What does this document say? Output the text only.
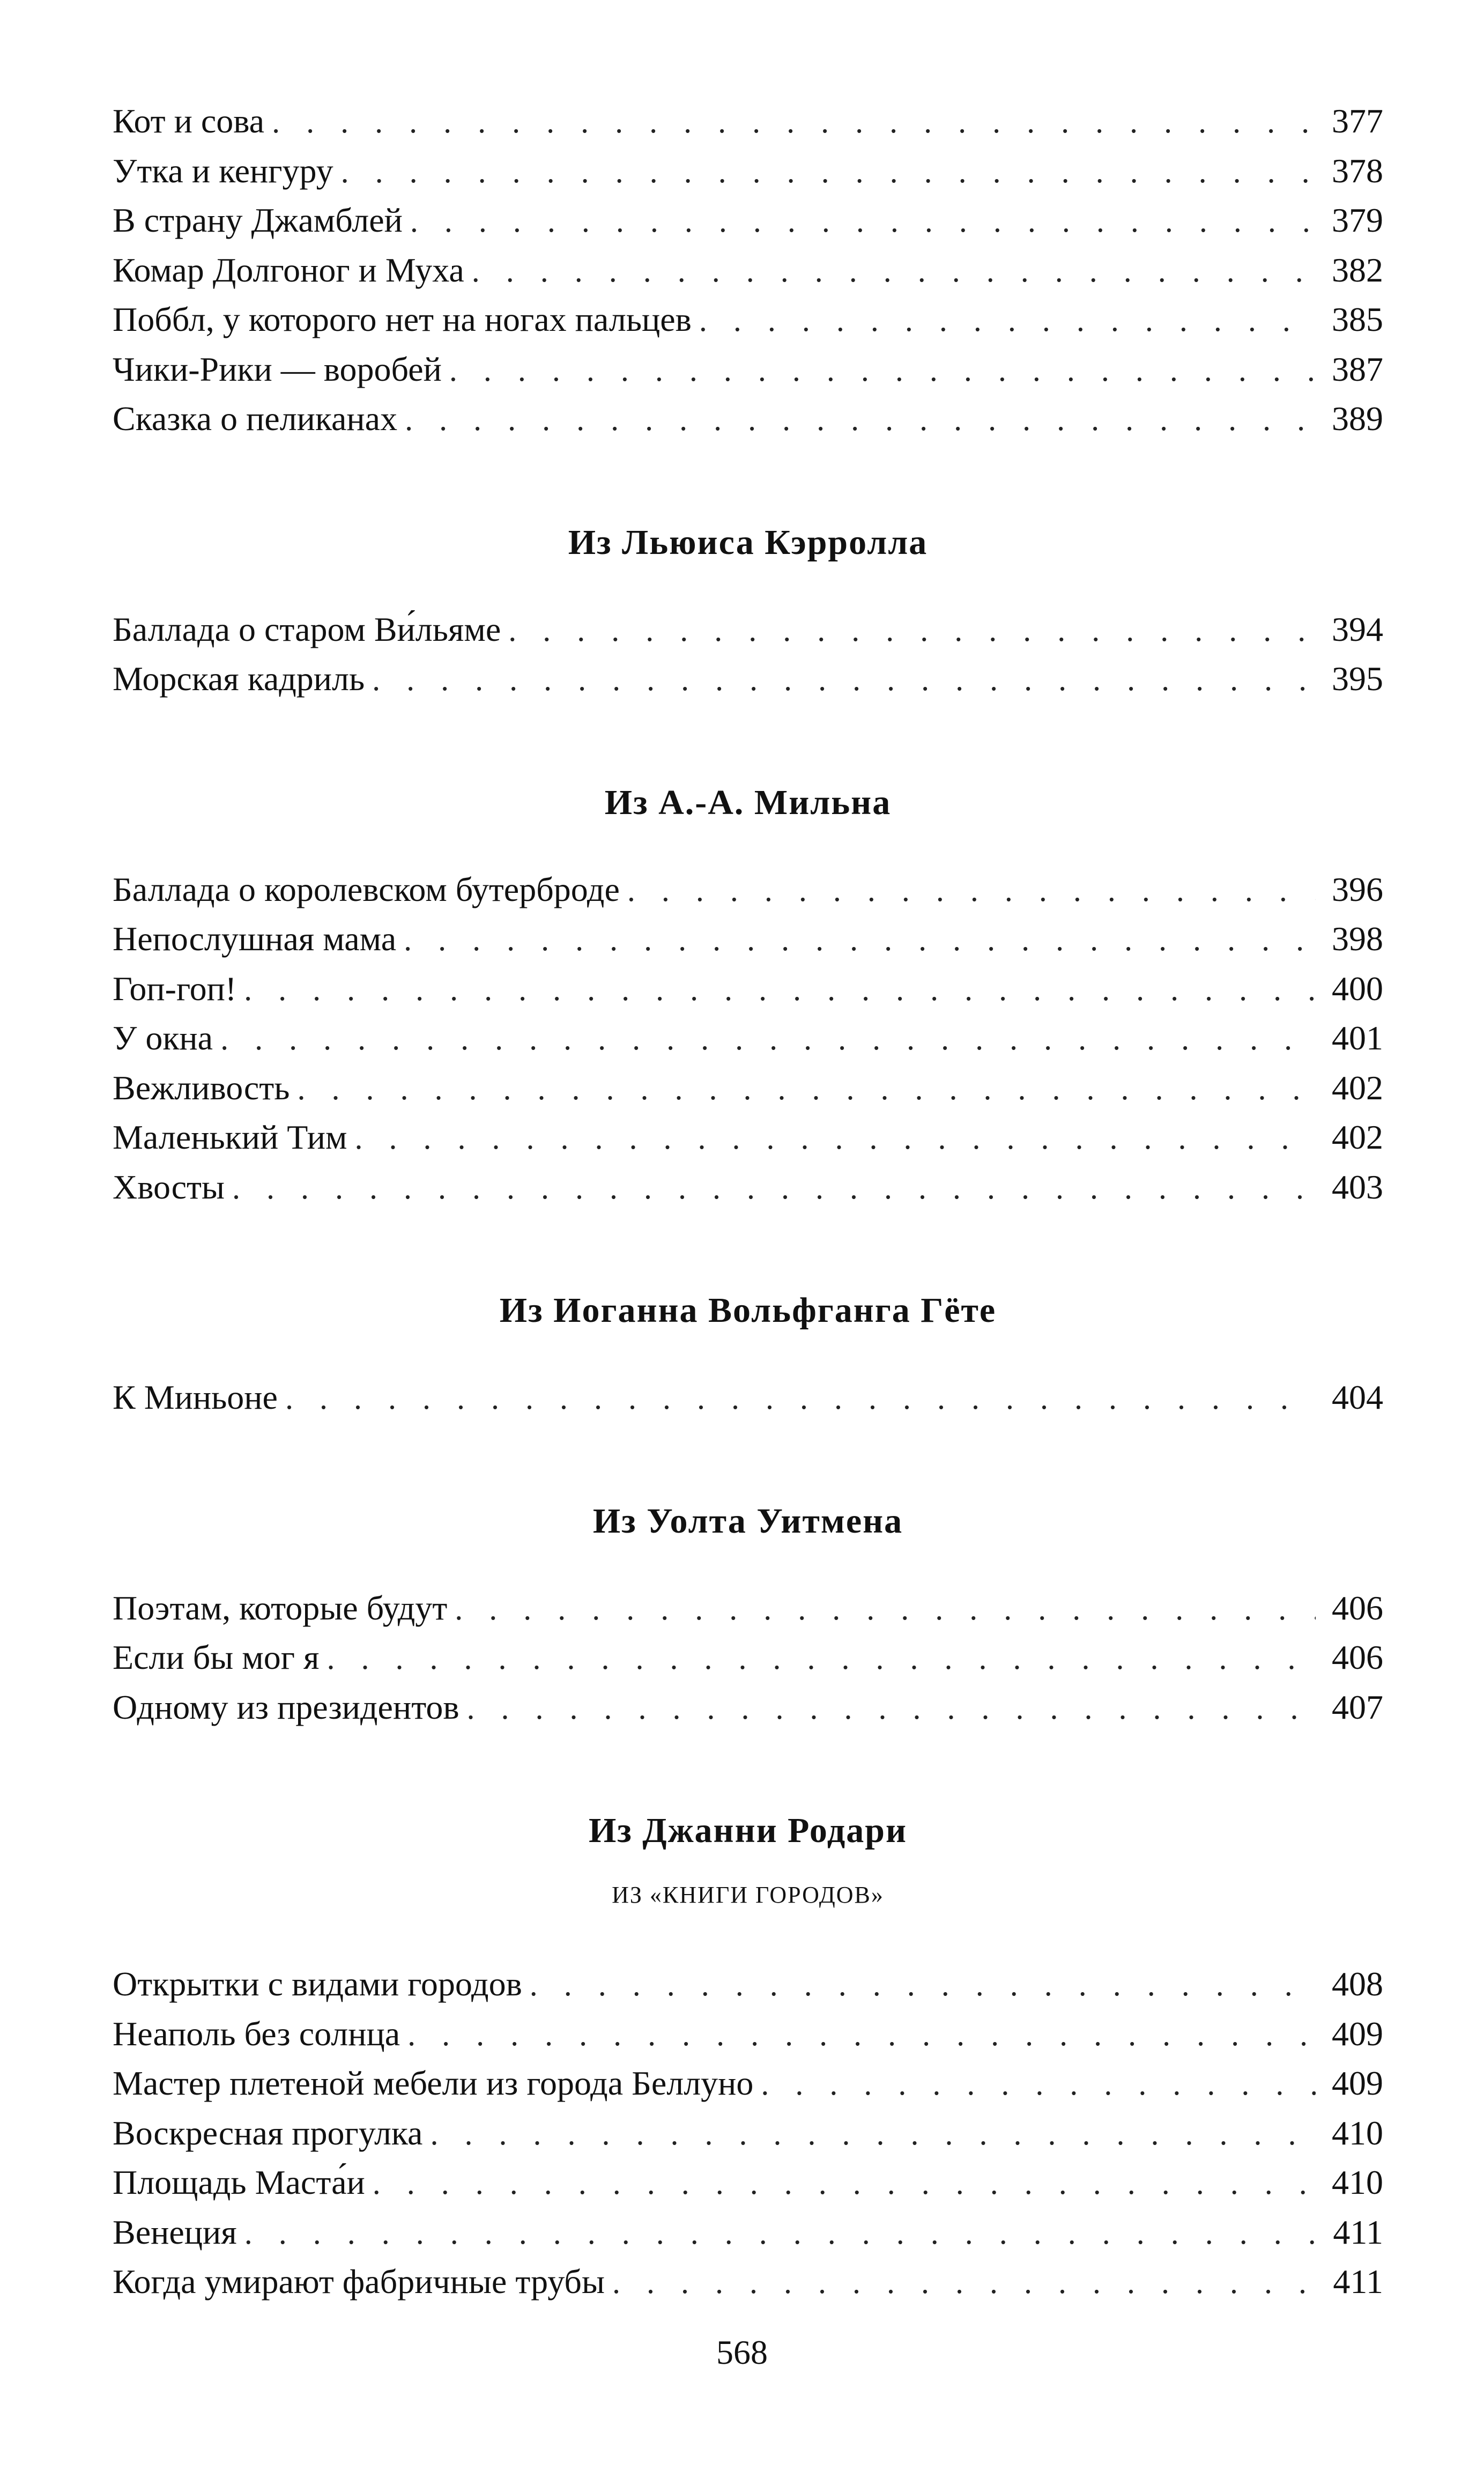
Кот и сова . . .	377
Утка и кенгуру . . .	378
В страну Джамблей . . .	379
Комар Долгоног и Муха . . .	382
Поббл, у которого нет на ногах пальцев . . .	385
Чики-Рики — воробей . . .	387
Сказка о пеликанах . . .	389
Из Льюиса Кэрролла
Баллада о старом Ви́льяме . . .	394
Морская кадриль . . .	395
Из А.-А. Мильна
Баллада о королевском бутерброде . . .	396
Непослушная мама . . .	398
Гоп-гоп! . . .	400
У окна . . .	401
Вежливость . . .	402
Маленький Тим . . .	402
Хвосты . . .	403
Из Иоганна Вольфганга Гёте
К Миньоне . . .	404
Из Уолта Уитмена
Поэтам, которые будут . . .	406
Если бы мог я . . .	406
Одному из президентов . . .	407
Из Джанни Родари
ИЗ «КНИГИ ГОРОДОВ»
Открытки с видами городов . . .	408
Неаполь без солнца . . .	409
Мастер плетеной мебели из города Беллуно . . .	409
Воскресная прогулка . . .	410
Площадь Маста́и . . .	410
Венеция . . .	411
Когда умирают фабричные трубы . . .	411
568
